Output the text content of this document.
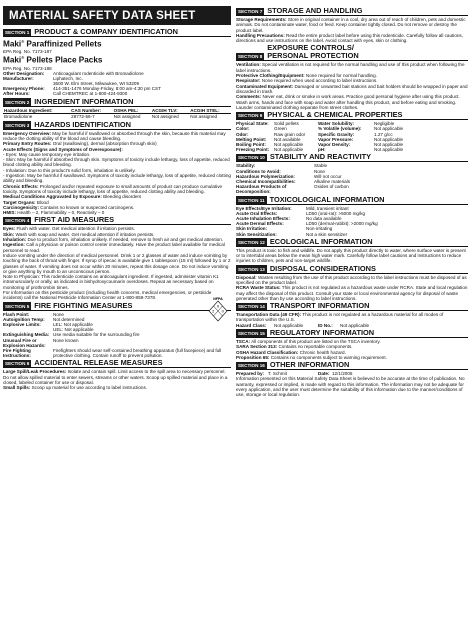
MATERIAL SAFETY DATA SHEET
SECTION 1 PRODUCT & COMPANY IDENTIFICATION
Maki® Paraffinized Pellets
EPA Reg. No. 7173-187
Maki® Pellets Place Packs
EPA Reg. No. 7173-188
Other Designation:	Anticoagulant rodenticide with Bromadiolone
Manufacturer:	Liphatech, Inc.
3600 W. Elm Street, Milwaukee, WI 53209
Emergency Phone:	414-351-1476 Monday-Friday, 8:00 am-4:30 pm CST
After Hours:	Call CHEMTREC at 1-800-424-9300
SECTION 2 INGREDIENT INFORMATION
Hazardous Ingredient:	CAS Number:	OSHA PEL:	ACGIH TLV:	ACGIH STEL:
Bromadiolone	28772-56-7	Not assigned	Not assigned	Not assigned
SECTION 3 HAZARDS IDENTIFICATION

Emergency Overview: May be harmful if swallowed or absorbed through the skin, because this material may reduce the clotting ability of the blood and cause bleeding.

Primary Entry Routes: Oral (swallowing), dermal (absorption through skin)

Acute Effects (Signs and Symptoms of Overexposure):

- Eyes: May cause temporary eye irritation.

- Skin: May be harmful if absorbed through skin. Symptoms of toxicity include lethargy, loss of appetite, reduced blood clotting ability and bleeding.

- Inhalation: Due to this product's solid form, inhalation is unlikely.

- Ingestion: May be harmful if swallowed. Symptoms of toxicity include lethargy, loss of appetite, reduced clotting ability and bleeding.

Chronic Effects: Prolonged and/or repeated exposure to small amounts of product can produce cumulative toxicity. Symptoms of toxicity include lethargy, loss of appetite, reduced clotting ability and bleeding.

Medical Conditions Aggravated by Exposure: Bleeding disorders

Target Organs: Blood

Carcinogenicity: Contains no known or suspected carcinogens.

HMIS: Health – 2, Flammability – 0, Reactivity – 0

SECTION 4 FIRST AID MEASURES

Eyes: Flush with water. Get medical attention if irritation persists.

Skin: Wash with soap and water. Get medical attention if irritation persists.

Inhalation: Due to product form, inhalation unlikely. If needed, remove to fresh air and get medical attention.

Ingestion: Call a physician or poison control center immediately. Have the product label available for medical personnel to read.

Induce vomiting under the direction of medical personnel. Drink 1 or 2 glasses of water and induce vomiting by touching the back of throat with finger. If syrup of ipecac is available give 1 tablespoon (15 ml) followed by 1 or 2 glasses of water. If vomiting does not occur within 20 minutes, repeat this dosage once. Do not induce vomiting or give anything by mouth to an unconscious person.

Note to Physician: This rodenticide contains an anticoagulant ingredient. If ingested, administer vitamin K1 intramuscularly or orally, as indicated in bishydroxycoumarin overdoses. Repeat as necessary based on monitoring of prothrombin times.

For information on this pesticide product (including health concerns, medical emergencies, or pesticide incidents) call the National Pesticide Information Center at 1-800-858-7378.

SECTION 5 FIRE FIGHTING MEASURES
NFPA
0
2 0
Flash Point:	None
Autoignition Temp:	Not determined
Explosive Limits:	LEL: Not applicable
UEL: Not applicable
Extinguishing Media: Use media suitable for the surrounding fire
Unusual Fire or Explosion Hazards:
None known
Fire Fighting Instructions:
Firefighters should wear self-contained breathing apparatus (full facepiece) and full protective clothing. Contain runoff to prevent pollution.
SECTION 6 ACCIDENTAL RELEASE MEASURES

Large Spill/Leak Procedures: Isolate and contain spill. Limit access to the spill area to necessary personnel. Do not allow spilled material to enter sewers, streams or other waters. Scoop up spilled material and place in a closed, labeled container for use or disposal.

Small Spills: Scoop up material for use according to label instructions.

SECTION 7 STORAGE AND HANDLING

Storage Requirements: Store in original container in a cool, dry area out of reach of children, pets and domestic animals. Do not contaminate water, food or feed. Keep container tightly closed. Do not remove or destroy the product label.

Handling Precautions: Read the entire product label before using this rodenticide. Carefully follow all cautions, directions and use instructions on the label. Avoid contact with eyes, skin or clothing.

SECTION 8
EXPOSURE CONTROLS/
PERSONAL PROTECTION

Ventilation: Special ventilation is not required for the normal handling and use of this product when following the label instructions.

Protective Clothing/Equipment: None required for normal handling.

Respirator: None required when used according to label instructions.

Contaminated Equipment: Damaged or unwanted bait stations and bait holders should be wrapped in paper and discarded in trash.

Comments: Never eat, drink or smoke in work areas. Practice good personal hygiene after using this product. Wash arms, hands and face with soap and water after handling this product, and before eating and smoking. Launder contaminated clothing separate from street clothes.

SECTION 9 PHYSICAL & CHEMICAL PROPERTIES
Physical State:	Solid pellets	Water Solubility:	Negligible
Color:	Green	% Volatile (volume):	Not applicable
Odor:	Raw grain odor	Specific Gravity:	1.27 g/cc
Melting Point:	Not available	Vapor Pressure:	Not applicable
Boiling Point:	Not applicable	Vapor Density:	Not applicable
Freezing Point:	Not applicable	pH:	Not applicable
SECTION 10 STABILITY AND REACTIVITY
Stability:	Stable
Conditions to Avoid:	None
Hazardous Polymerization:	Will not occur
Chemical Incompatibilities:	Alkaline materials
Hazardous Products of Decomposition:
Oxides of carbon
SECTION 11 TOXICOLOGICAL INFORMATION
Eye Effects/Eye Irritation:	Mild, transient irritant
Acute Oral Effects:	LD50 (oral-rat): >5000 mg/kg
Acute Inhalation Effects:	No data available
Acute Dermal Effects:	LD50 (dermal-rabbit): >2000 mg/kg
Skin Irritation:	Non-irritating
Skin Sensitization:	Not a skin sensitizer
SECTION 12 ECOLOGICAL INFORMATION

This product is toxic to fish and wildlife. Do not apply this product directly to water, where surface water is present or to intertidal areas below the mean high water mark. Carefully follow label cautions and instructions to reduce injuries to children, pets and non-target wildlife.

SECTION 13 DISPOSAL CONSIDERATIONS

Disposal: Wastes resulting from the use of this product according to the label instructions must be disposed of as specified on the product label.

RCRA Waste Status: This product is not regulated as a hazardous waste under RCRA. State and local regulation may affect the disposal of this product. Consult your state or local environmental agency for disposal of waste generated other than by use according to label instructions.

SECTION 14 TRANSPORT INFORMATION

Transportation Data (49 CFR): This product is not regulated as a hazardous material for all modes of transportation within the U.S.

Hazard Class:	Not applicable	ID No.:	Not applicable
SECTION 15 REGULATORY INFORMATION

TSCA: All components of this product are listed on the TSCA inventory.

SARA Section 313: Contains no reportable components.

OSHA Hazard Classification: Chronic health hazard.

Proposition 65: Contains no components subject to warning requirement.

SECTION 16 OTHER INFORMATION
Prepared by: T. Schmit	Date: 12/1/2005

Information presented on this Material Safety Data Sheet is believed to be accurate at the time of publication. No warranty, expressed or implied, is made with regard to this information. The information may not be adequate for every application, and the user must determine the suitability of this information due to the manner/conditions of use, storage or local regulation.
